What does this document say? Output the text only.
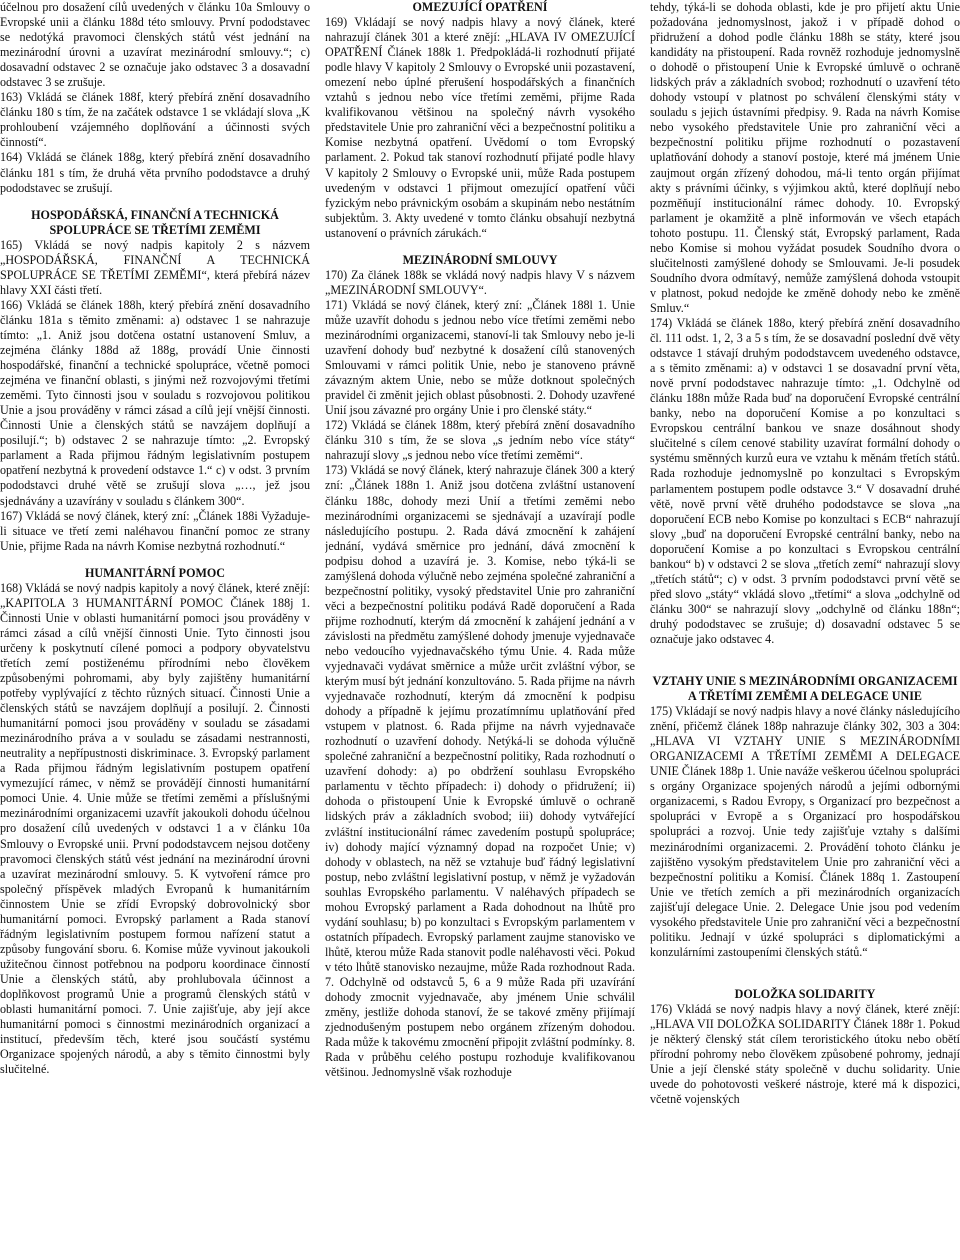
účelnou pro dosažení cílů uvedených v článku 10a Smlouvy o Evropské unii a článku 188d této smlouvy. První pododstavec se nedotýká pravomoci členských států vést jednání na mezinárodní úrovni a uzavírat mezinárodní smlouvy.“; c) dosavadní odstavec 2 se označuje jako odstavec 3 a dosavadní odstavec 3 se zrušuje.

163) Vkládá se článek 188f, který přebírá znění dosavadního článku 180 s tím, že na začátek odstavce 1 se vkládají slova „K prohloubení vzájemného doplňování a účinnosti svých činností“.

164) Vkládá se článek 188g, který přebírá znění dosavadního článku 181 s tím, že druhá věta prvního pododstavce a druhý pododstavec se zrušují.

HOSPODÁŘSKÁ, FINANČNÍ A TECHNICKÁ SPOLUPRÁCE SE TŘETÍMI ZEMĚMI

165) Vkládá se nový nadpis kapitoly 2 s názvem „HOSPODÁŘSKÁ, FINANČNÍ A TECHNICKÁ SPOLUPRÁCE SE TŘETÍMI ZEMĚMI“, která přebírá název hlavy XXI části třetí.

166) Vkládá se článek 188h, který přebírá znění dosavadního článku 181a s těmito změnami: a) odstavec 1 se nahrazuje tímto: „1. Aniž jsou dotčena ostatní ustanovení Smluv, a zejména články 188d až 188g, provádí Unie činnosti hospodářské, finanční a technické spolupráce, včetně pomoci zejména ve finanční oblasti, s jinými než rozvojovými třetími zeměmi. Tyto činnosti jsou v souladu s rozvojovou politikou Unie a jsou prováděny v rámci zásad a cílů její vnější činnosti. Činnosti Unie a členských států se navzájem doplňují a posilují.“; b) odstavec 2 se nahrazuje tímto: „2. Evropský parlament a Rada přijmou řádným legislativním postupem opatření nezbytná k provedení odstavce 1.“ c) v odst. 3 prvním pododstavci druhé větě se zrušují slova „…, jež jsou sjednávány a uzavírány v souladu s článkem 300“.

167) Vkládá se nový článek, který zní: „Článek 188i Vyžaduje-li situace ve třetí zemi naléhavou finanční pomoc ze strany Unie, přijme Rada na návrh Komise nezbytná rozhodnutí.“

HUMANITÁRNÍ POMOC

168) Vkládá se nový nadpis kapitoly a nový článek, které znějí: „KAPITOLA 3 HUMANITÁRNÍ POMOC Článek 188j 1. Činnosti Unie v oblasti humanitární pomoci jsou prováděny v rámci zásad a cílů vnější činnosti Unie. Tyto činnosti jsou určeny k poskytnutí cílené pomoci a podpory obyvatelstvu třetích zemí postiženému přírodními nebo člověkem způsobenými pohromami, aby byly zajištěny humanitární potřeby vyplývající z těchto různých situací. Činnosti Unie a členských států se navzájem doplňují a posilují. 2. Činnosti humanitární pomoci jsou prováděny v souladu se zásadami mezinárodního práva a v souladu se zásadami nestrannosti, neutrality a nepřípustnosti diskriminace. 3. Evropský parlament a Rada přijmou řádným legislativním postupem opatření vymezující rámec, v němž se provádějí činnosti humanitární pomoci Unie. 4. Unie může se třetími zeměmi a příslušnými mezinárodními organizacemi uzavřít jakoukoli dohodu účelnou pro dosažení cílů uvedených v odstavci 1 a v článku 10a Smlouvy o Evropské unii. První pododstavcem nejsou dotčeny pravomoci členských států vést jednání na mezinárodní úrovni a uzavírat mezinárodní smlouvy. 5. K vytvoření rámce pro společný příspěvek mladých Evropanů k humanitárním činnostem Unie se zřídí Evropský dobrovolnický sbor humanitární pomoci. Evropský parlament a Rada stanoví řádným legislativním postupem formou nařízení statut a způsoby fungování sboru. 6. Komise může vyvinout jakoukoli užitečnou činnost potřebnou na podporu koordinace činností Unie a členských států, aby prohlubovala účinnost a doplňkovost programů Unie a programů členských států v oblasti humanitární pomoci. 7. Unie zajišťuje, aby její akce humanitární pomoci s činnostmi mezinárodních organizací a institucí, především těch, které jsou součástí systému Organizace spojených národů, a aby s těmito činnostmi byly slučitelné.

OMEZUJÍCÍ OPATŘENÍ

169) Vkládají se nový nadpis hlavy a nový článek, které nahrazují článek 301 a které znějí: „HLAVA IV OMEZUJÍCÍ OPATŘENÍ Článek 188k 1. Předpokládá-li rozhodnutí přijaté podle hlavy V kapitoly 2 Smlouvy o Evropské unii pozastavení, omezení nebo úplné přerušení hospodářských a finančních vztahů s jednou nebo více třetími zeměmi, přijme Rada kvalifikovanou většinou na společný návrh vysokého představitele Unie pro zahraniční věci a bezpečnostní politiku a Komise nezbytná opatření. Uvědomí o tom Evropský parlament. 2. Pokud tak stanoví rozhodnutí přijaté podle hlavy V kapitoly 2 Smlouvy o Evropské unii, může Rada postupem uvedeným v odstavci 1 přijmout omezující opatření vůči fyzickým nebo právnickým osobám a skupinám nebo nestátním subjektům. 3. Akty uvedené v tomto článku obsahují nezbytná ustanovení o právních zárukách.“

MEZINÁRODNÍ SMLOUVY

170) Za článek 188k se vkládá nový nadpis hlavy V s názvem „MEZINÁRODNÍ SMLOUVY“.

171) Vkládá se nový článek, který zní: „Článek 188l 1. Unie může uzavřít dohodu s jednou nebo více třetími zeměmi nebo mezinárodními organizacemi, stanoví-li tak Smlouvy nebo je-li uzavření dohody buď nezbytné k dosažení cílů stanovených Smlouvami v rámci politik Unie, nebo je stanoveno právně závazným aktem Unie, nebo se může dotknout společných pravidel či změnit jejich oblast působnosti. 2. Dohody uzavřené Unií jsou závazné pro orgány Unie i pro členské státy.“

172) Vkládá se článek 188m, který přebírá znění dosavadního článku 310 s tím, že se slova „s jedním nebo více státy“ nahrazují slovy „s jednou nebo více třetími zeměmi“.

173) Vkládá se nový článek, který nahrazuje článek 300 a který zní: „Článek 188n 1. Aniž jsou dotčena zvláštní ustanovení článku 188c, dohody mezi Unií a třetími zeměmi nebo mezinárodními organizacemi se sjednávají a uzavírají podle následujícího postupu. 2. Rada dává zmocnění k zahájení jednání, vydává směrnice pro jednání, dává zmocnění k podpisu dohod a uzavírá je. 3. Komise, nebo týká-li se zamýšlená dohoda výlučně nebo zejména společné zahraniční a bezpečnostní politiky, vysoký představitel Unie pro zahraniční věci a bezpečnostní politiku podává Radě doporučení a Rada přijme rozhodnutí, kterým dá zmocnění k zahájení jednání a v závislosti na předmětu zamýšlené dohody jmenuje vyjednavače nebo vedoucího vyjednavačského týmu Unie. 4. Rada může vyjednavači vydávat směrnice a může určit zvláštní výbor, se kterým musí být jednání konzultováno. 5. Rada přijme na návrh vyjednavače rozhodnutí, kterým dá zmocnění k podpisu dohody a případně k jejímu prozatímnímu uplatňování před vstupem v platnost. 6. Rada přijme na návrh vyjednavače rozhodnutí o uzavření dohody. Netýká-li se dohoda výlučně společné zahraniční a bezpečnostní politiky, Rada rozhodnutí o uzavření dohody: a) po obdržení souhlasu Evropského parlamentu v těchto případech: i) dohody o přidružení; ii) dohoda o přistoupení Unie k Evropské úmluvě o ochraně lidských práv a základních svobod; iii) dohody vytvářející zvláštní institucionální rámec zavedením postupů spolupráce; iv) dohody mající významný dopad na rozpočet Unie; v) dohody v oblastech, na něž se vztahuje buď řádný legislativní postup, nebo zvláštní legislativní postup, v němž je vyžadován souhlas Evropského parlamentu. V naléhavých případech se mohou Evropský parlament a Rada dohodnout na lhůtě pro vydání souhlasu; b) po konzultaci s Evropským parlamentem v ostatních případech. Evropský parlament zaujme stanovisko ve lhůtě, kterou může Rada stanovit podle naléhavosti věci. Pokud v této lhůtě stanovisko nezaujme, může Rada rozhodnout Rada. 7. Odchylně od odstavců 5, 6 a 9 může Rada při uzavírání dohody zmocnit vyjednavače, aby jménem Unie schválil změny, jestliže dohoda stanoví, že se takové změny přijímají zjednodušeným postupem nebo orgánem zřízeným dohodou. Rada může k takovému zmocnění připojit zvláštní podmínky. 8. Rada v průběhu celého postupu rozhoduje kvalifikovanou většinou. Jednomyslně však rozhoduje

tehdy, týká-li se dohoda oblasti, kde je pro přijetí aktu Unie požadována jednomyslnost, jakož i v případě dohod o přidružení a dohod podle článku 188h se státy, které jsou kandidáty na přistoupení. Rada rovněž rozhoduje jednomyslně o dohodě o přistoupení Unie k Evropské úmluvě o ochraně lidských práv a základních svobod; rozhodnutí o uzavření této dohody vstoupí v platnost po schválení členskými státy v souladu s jejich ústavními předpisy. 9. Rada na návrh Komise nebo vysokého představitele Unie pro zahraniční věci a bezpečnostní politiku přijme rozhodnutí o pozastavení uplatňování dohody a stanoví postoje, které má jménem Unie zaujmout orgán zřízený dohodou, má-li tento orgán přijímat akty s právními účinky, s výjimkou aktů, které doplňují nebo pozměňují institucionální rámec dohody. 10. Evropský parlament je okamžitě a plně informován ve všech etapách tohoto postupu. 11. Členský stát, Evropský parlament, Rada nebo Komise si mohou vyžádat posudek Soudního dvora o slučitelnosti zamýšlené dohody se Smlouvami. Je-li posudek Soudního dvora odmítavý, nemůže zamýšlená dohoda vstoupit v platnost, pokud nedojde ke změně dohody nebo ke změně Smluv.“

174) Vkládá se článek 188o, který přebírá znění dosavadního čl. 111 odst. 1, 2, 3 a 5 s tím, že se dosavadní poslední dvě věty odstavce 1 stávají druhým pododstavcem uvedeného odstavce, a s těmito změnami: a) v odstavci 1 se dosavadní první věta, nově první pododstavec nahrazuje tímto: „1. Odchylně od článku 188n může Rada buď na doporučení Evropské centrální banky, nebo na doporučení Komise a po konzultaci s Evropskou centrální bankou ve snaze dosáhnout shody slučitelné s cílem cenové stability uzavírat formální dohody o systému směnných kurzů eura ve vztahu k měnám třetích států. Rada rozhoduje jednomyslně po konzultaci s Evropským parlamentem postupem podle odstavce 3.“ V dosavadní druhé větě, nově první větě druhého pododstavce se slova „na doporučení ECB nebo Komise po konzultaci s ECB“ nahrazují slovy „buď na doporučení Evropské centrální banky, nebo na doporučení Komise a po konzultaci s Evropskou centrální bankou“ b) v odstavci 2 se slova „třetích zemí“ nahrazují slovy „třetích států“; c) v odst. 3 prvním pododstavci první větě se před slovo „státy“ vkládá slovo „třetími“ a slova „odchylně od článku 300“ se nahrazují slovy „odchylně od článku 188n“; druhý pododstavec se zrušuje; d) dosavadní odstavec 5 se označuje jako odstavec 4.

VZTAHY UNIE S MEZINÁRODNÍMI ORGANIZACEMI A TŘETÍMI ZEMĚMI A DELEGACE UNIE

175) Vkládají se nový nadpis hlavy a nové články následujícího znění, přičemž článek 188p nahrazuje články 302, 303 a 304: „HLAVA VI VZTAHY UNIE S MEZINÁRODNÍMI ORGANIZACEMI A TŘETÍMI ZEMĚMI A DELEGACE UNIE Článek 188p 1. Unie naváže veškerou účelnou spolupráci s orgány Organizace spojených národů a jejími odbornými organizacemi, s Radou Evropy, s Organizací pro bezpečnost a spolupráci v Evropě a s Organizací pro hospodářskou spolupráci a rozvoj. Unie tedy zajišťuje vztahy s dalšími mezinárodními organizacemi. 2. Provádění tohoto článku je zajištěno vysokým představitelem Unie pro zahraniční věci a bezpečnostní politiku a Komisí. Článek 188q 1. Zastoupení Unie ve třetích zemích a při mezinárodních organizacích zajišťují delegace Unie. 2. Delegace Unie jsou pod vedením vysokého představitele Unie pro zahraniční věci a bezpečnostní politiku. Jednají v úzké spolupráci s diplomatickými a konzulárními zastoupeními členských států.“

DOLOŽKA SOLIDARITY

176) Vkládá se nový nadpis hlavy a nový článek, které znějí: „HLAVA VII DOLOŽKA SOLIDARITY Článek 188r 1. Pokud je některý členský stát cílem teroristického útoku nebo obětí přírodní pohromy nebo člověkem způsobené pohromy, jednají Unie a její členské státy společně v duchu solidarity. Unie uvede do pohotovosti veškeré nástroje, které má k dispozici, včetně vojenských
